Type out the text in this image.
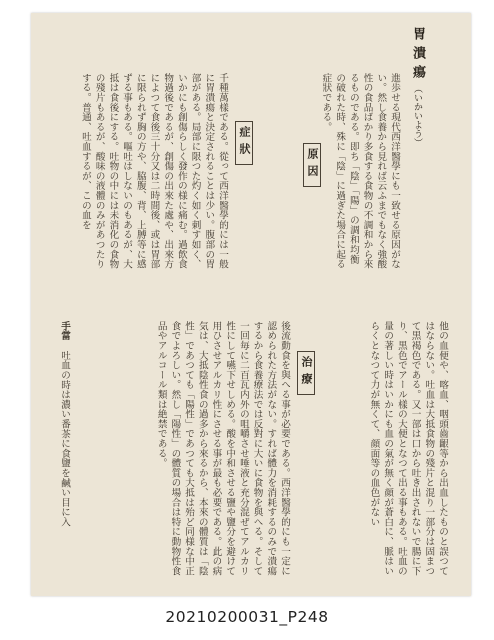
胃潰瘍（いかいよう）
進歩せる現代西洋醫學にも一致せる原因がない。然し食養から見れば云ふまでもなく強酸性の食品ばかり多食する食物の不調和から來るものである。即ち「陰」「陽」の調和均衡の破れた時、殊に「陰」に過ぎた場合に起る症狀である。
原因
症狀
千種萬樣である。從って西洋醫學的には一般に胃潰瘍と決定されることは少い。腹部の胃部がある。局部に限つた灼く如く刺す如く、いかにも創傷らしく發作の様に痛む。過飲食物過後であるが、創傷の出來た處や、出來方によつて食後三十分又は二時間後、或は胃部に限られず胸の方や、脇腹、背、上膊等に感ずる事もある。嘔吐はしないのもあるが、大抵は食後にする。吐物の中には未消化の食物の殘片もあるが、酸味の液體のみがあつたりする。普通、吐血するが、この血を
他の血便や、喀血、咽頭齒齦等から出血したものと誤つてはならない。吐血は大抵食物の殘片と混り一部分は固まつて黒褐色である。又一部は口から吐き出されないで腸に下り、黒色でアール樣の大便となつて出る事もある。吐血の量の著しい時はいかにも血の氣が無く顔が蒼白に、脈はいらくとなつて力が無くて、顔面等の血色がない
治療
後流動食を與へる事が必要である。西洋醫學的にも一定に認められた方法がない。すれば體力を消耗するのみで潰瘍するから食養療法では反對に大いに食物を與へる。そして一回毎に二百瓦内外の咀嚼させ唾液と充分混ぜてアルカリ性にして嚥下せしめる。酸を中和させる鹽や鹽分を避けて用ひさせアルカリ性にさせる事が最も必要である。此の病気は、大抵陰性食の過多から來るから、本來の體質は「陰性」であつても「陽性」であつても大抵は殆ど同様な中正食でよろしい。然し「陽性」の體質の場合は特に動物性食品やアルコール類は絶禁である。
手當　吐血の時は濃い番茶に食鹽を鹹い目に入
20210200031_P248
